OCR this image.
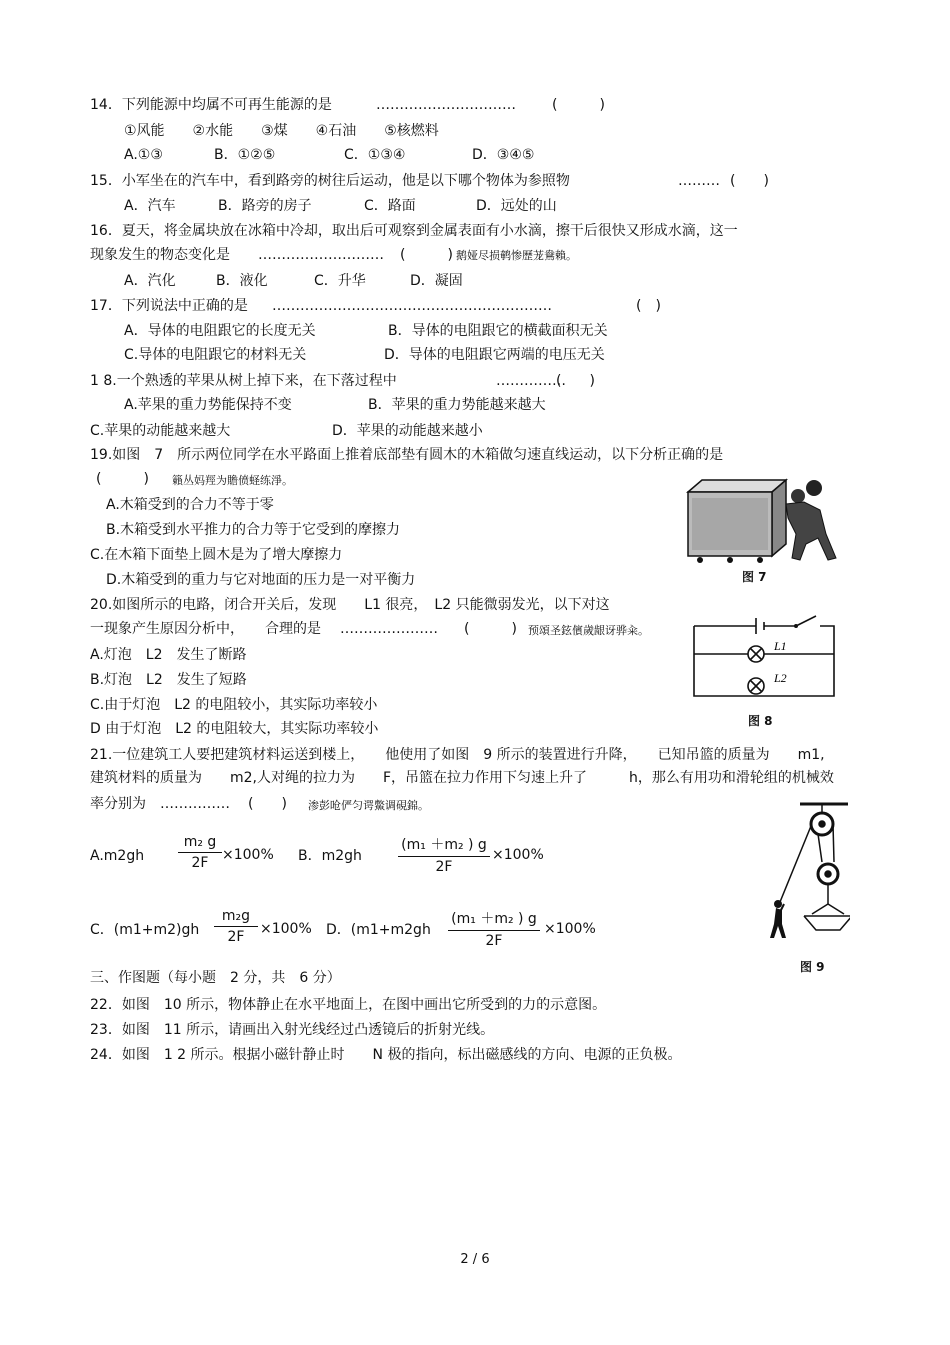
14．下列能源中均属不可再生能源的是	…………………………	(　　　)
①风能　　②水能　　③煤　　④石油　　⑤核燃料
A.①③	B．①②⑤	C．①③④	D．③④⑤
15．小军坐在的汽车中，看到路旁的树往后运动，他是以下哪个物体为参照物	……… (　　)
A．汽车	B．路旁的房子	C．路面	D．远处的山
16．夏天，将金属块放在冰箱中冷却，取出后可观察到金属表面有小水滴，擦干后很快又形成水滴，这一
现象发生的物态变化是 ……………………… (　　　) 鹅娅尽损鹌惨歷茏鴦賴。
A．汽化	B．液化	C．升华	D．凝固
17．下列说法中正确的是 ……………………………………………………	(　)
A．导体的电阻跟它的长度无关	B．导体的电阻跟它的横截面积无关
C.导体的电阻跟它的材料无关	D．导体的电阻跟它两端的电压无关
1 8.一个熟透的苹果从树上掉下来，在下落过程中	……………
(　　)
A.苹果的重力势能保持不变	B．苹果的重力势能越来越大
C.苹果的动能越来越大	D．苹果的动能越来越小
19.如图　7　所示两位同学在水平路面上推着底部垫有圆木的木箱做匀速直线运动，以下分析正确的是
(　　　) 籟丛妈羥为贍偾蛏练淨。
A.木箱受到的合力不等于零
B.木箱受到水平推力的合力等于它受到的摩擦力
C.在木箱下面垫上圆木是为了增大摩擦力
D.木箱受到的重力与它对地面的压力是一对平衡力	图 7
20.如图所示的电路，闭合开关后，发现　　L1 很亮，　L2 只能微弱发光，以下对这
一现象产生原因分析中，　　合理的是 ………………… (　　　) 预頌圣鉉儐歲龈讶骅籴。
A.灯泡　L2　发生了断路
B.灯泡　L2　发生了短路
C.由于灯泡　L2 的电阻较小，其实际功率较小
D 由于灯泡　L2 的电阻较大，其实际功率较小
L1
L2
图 8
21.一位建筑工人要把建筑材料运送到楼上，　　他使用了如图　9 所示的装置进行升降，　　已知吊篮的质量为　　m1,
建筑材料的质量为　　m2,人对绳的拉力为　　F，吊篮在拉力作用下匀速上升了　　　h，那么有用功和滑轮组的机械效
率分别为 …………… (　　) 渗彭呛俨匀谔鱉调硯錦。
$A.m2gh \frac{\text{m₂ g}}{2F} \times 100\%$ B．m2gh	$\frac{\text{(m₁ ＋m₂ ) g}}{2F} \times 100\%$
C．$(m1+m2)gh \frac{\text{m₂g}}{2F} \times 100\%$ D．($m1+m2gh \frac{\text{(m₁ ＋m₂ ) g}}{2F} \times 100\%$
图 9
三、作图题（每小题　2 分，共　6 分）
22．如图　10 所示，物体静止在水平地面上，在图中画出它所受到的力的示意图。
23．如图　11 所示，请画出入射光线经过凸透镜后的折射光线。
24．如图　1 2 所示。根据小磁针静止时　　N 极的指向，标出磁感线的方向、电源的正负极。
2 / 6
